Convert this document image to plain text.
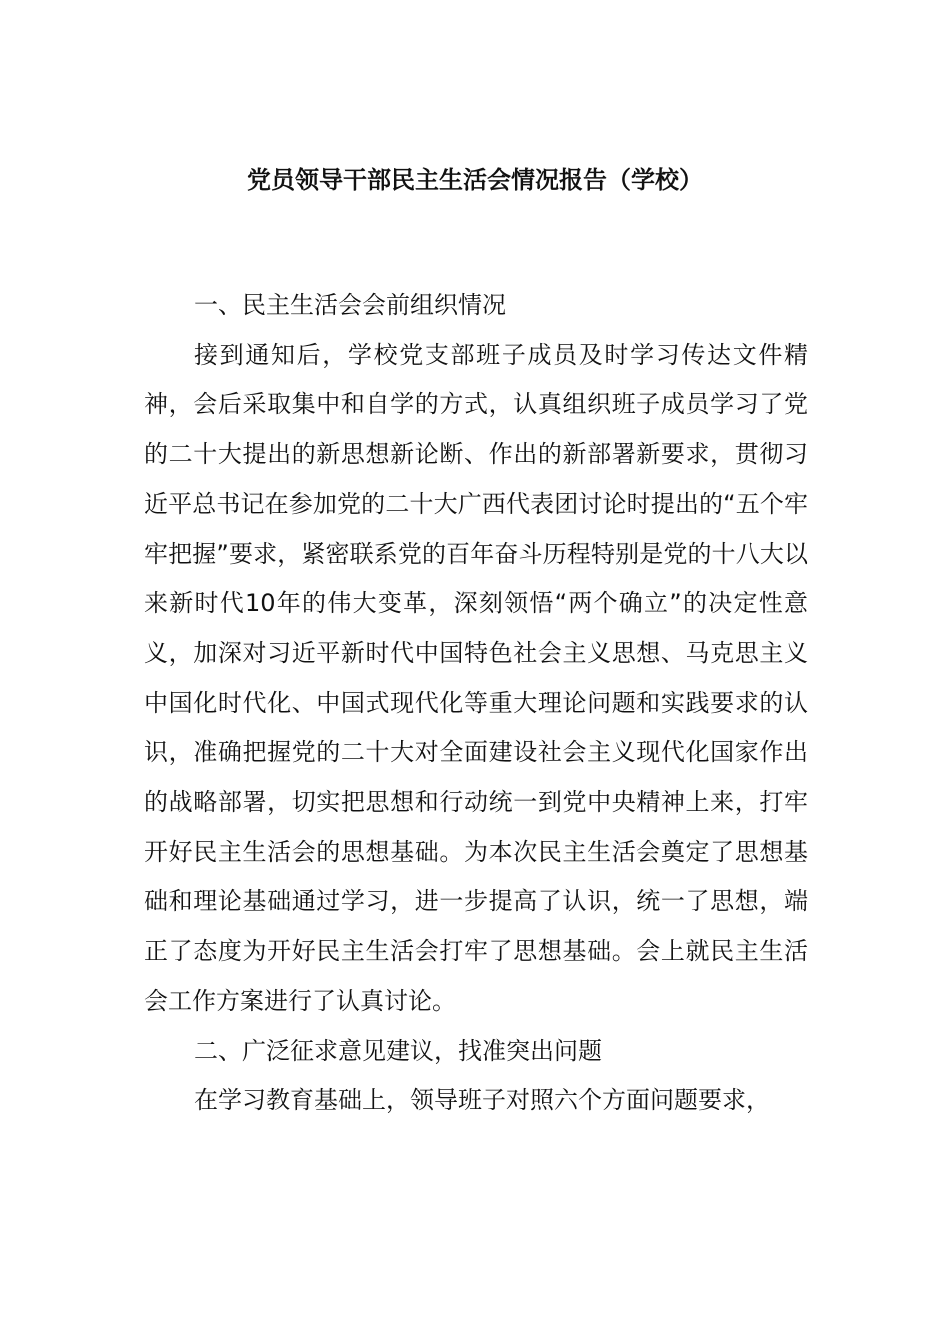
党员领导干部民主生活会情况报告（学校）

一、民主生活会会前组织情况

接到通知后，学校党支部班子成员及时学习传达文件精神，会后采取集中和自学的方式，认真组织班子成员学习了党的二十大提出的新思想新论断、作出的新部署新要求，贯彻习近平总书记在参加党的二十大广西代表团讨论时提出的“五个牢牢把握”要求，紧密联系党的百年奋斗历程特别是党的十八大以来新时代10年的伟大变革，深刻领悟“两个确立”的决定性意义，加深对习近平新时代中国特色社会主义思想、马克思主义中国化时代化、中国式现代化等重大理论问题和实践要求的认识，准确把握党的二十大对全面建设社会主义现代化国家作出的战略部署，切实把思想和行动统一到党中央精神上来，打牢开好民主生活会的思想基础。为本次民主生活会奠定了思想基础和理论基础通过学习，进一步提高了认识，统一了思想，端正了态度为开好民主生活会打牢了思想基础。会上就民主生活会工作方案进行了认真讨论。

二、广泛征求意见建议，找准突出问题

在学习教育基础上，领导班子对照六个方面问题要求，
